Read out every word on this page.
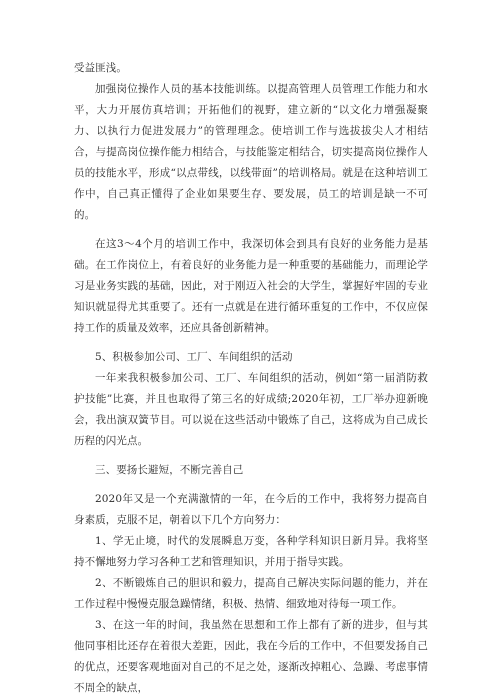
受益匪浅。

加强岗位操作人员的基本技能训练。以提高管理人员管理工作能力和水平，大力开展仿真培训；开拓他们的视野，建立新的“以文化力增强凝聚力、以执行力促进发展力”的管理理念。使培训工作与选拔拔尖人才相结合，与提高岗位操作能力相结合，与技能鉴定相结合，切实提高岗位操作人员的技能水平，形成“以点带线，以线带面”的培训格局。就是在这种培训工作中，自己真正懂得了企业如果要生存、要发展，员工的培训是缺一不可的。

在这3～4个月的培训工作中，我深切体会到具有良好的业务能力是基础。在工作岗位上，有着良好的业务能力是一种重要的基础能力，而理论学习是业务实践的基础，因此，对于刚迈入社会的大学生，掌握好牢固的专业知识就显得尤其重要了。还有一点就是在进行循环重复的工作中，不仅应保持工作的质量及效率，还应具备创新精神。

5、积极参加公司、工厂、车间组织的活动

一年来我积极参加公司、工厂、车间组织的活动，例如“第一届消防救护技能”比赛，并且也取得了第三名的好成绩;2020年初，工厂举办迎新晚会，我出演双簧节目。可以说在这些活动中锻炼了自己，这将成为自己成长历程的闪光点。

三、要扬长避短，不断完善自己

2020年又是一个充满激情的一年，在今后的工作中，我将努力提高自身素质，克服不足，朝着以下几个方向努力：

1、学无止境，时代的发展瞬息万变，各种学科知识日新月异。我将坚持不懈地努力学习各种工艺和管理知识，并用于指导实践。

2、不断锻炼自己的胆识和毅力，提高自己解决实际问题的能力，并在工作过程中慢慢克服急躁情绪，积极、热情、细致地对待每一项工作。

3、在这一年的时间，我虽然在思想和工作上都有了新的进步，但与其他同事相比还存在着很大差距，因此，我在今后的工作中，不但要发扬自己的优点，还要客观地面对自己的不足之处，逐渐改掉粗心、急躁、考虑事情不周全的缺点，
